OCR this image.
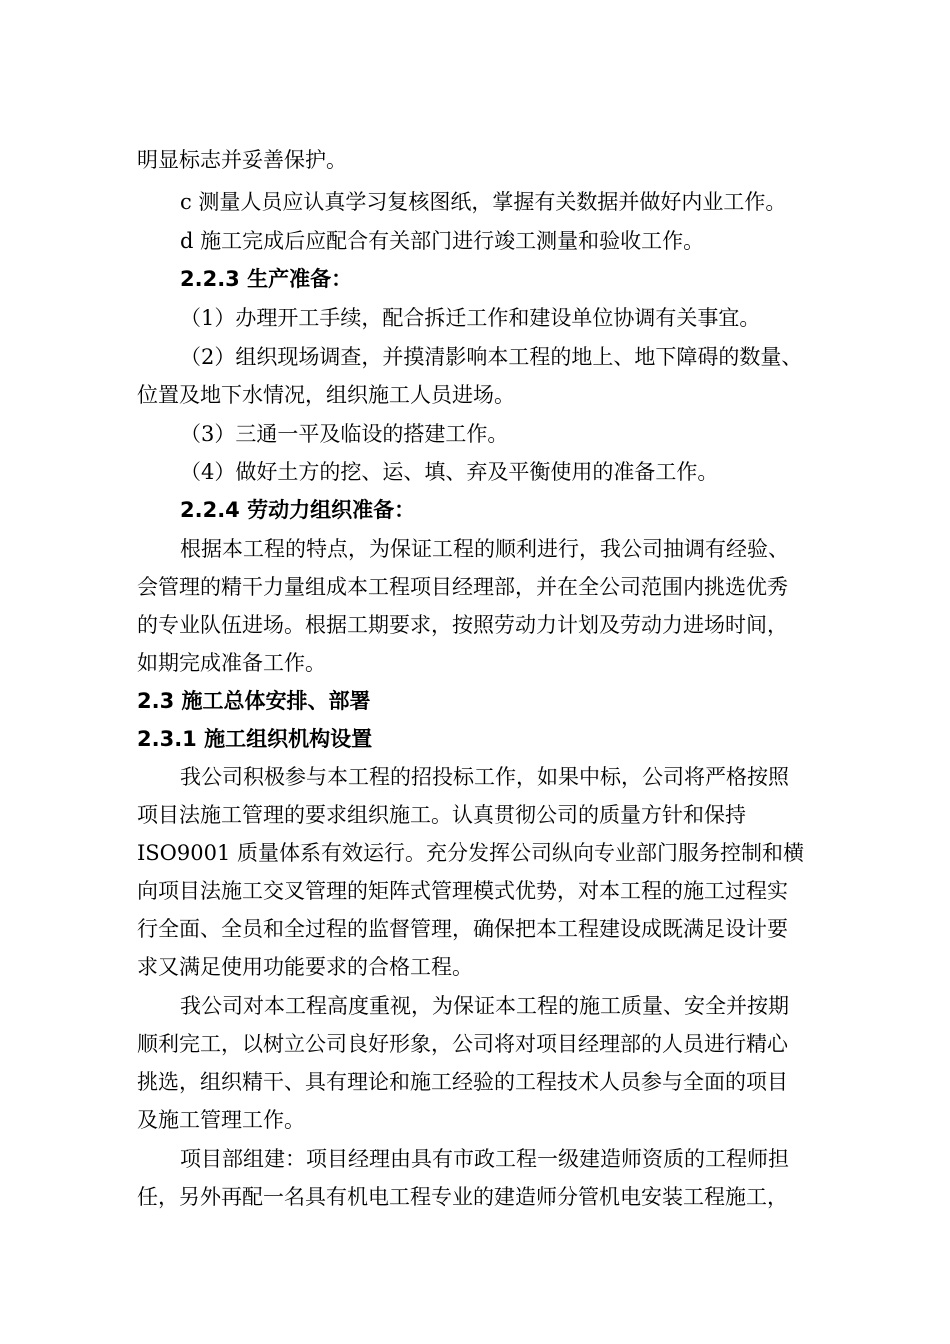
明显标志并妥善保护。
c 测量人员应认真学习复核图纸，掌握有关数据并做好内业工作。
d 施工完成后应配合有关部门进行竣工测量和验收工作。
2.2.3 生产准备：
（1）办理开工手续，配合拆迁工作和建设单位协调有关事宜。
（2）组织现场调查，并摸清影响本工程的地上、地下障碍的数量、
位置及地下水情况，组织施工人员进场。
（3）三通一平及临设的搭建工作。
（4）做好土方的挖、运、填、弃及平衡使用的准备工作。
2.2.4 劳动力组织准备：
根据本工程的特点，为保证工程的顺利进行，我公司抽调有经验、
会管理的精干力量组成本工程项目经理部，并在全公司范围内挑选优秀
的专业队伍进场。根据工期要求，按照劳动力计划及劳动力进场时间，
如期完成准备工作。
2.3 施工总体安排、部署
2.3.1 施工组织机构设置
我公司积极参与本工程的招投标工作，如果中标，公司将严格按照
项目法施工管理的要求组织施工。认真贯彻公司的质量方针和保持
ISO9001 质量体系有效运行。充分发挥公司纵向专业部门服务控制和横
向项目法施工交叉管理的矩阵式管理模式优势，对本工程的施工过程实
行全面、全员和全过程的监督管理，确保把本工程建设成既满足设计要
求又满足使用功能要求的合格工程。
我公司对本工程高度重视，为保证本工程的施工质量、安全并按期
顺利完工，以树立公司良好形象，公司将对项目经理部的人员进行精心
挑选，组织精干、具有理论和施工经验的工程技术人员参与全面的项目
及施工管理工作。
项目部组建：项目经理由具有市政工程一级建造师资质的工程师担
任，另外再配一名具有机电工程专业的建造师分管机电安装工程施工，
